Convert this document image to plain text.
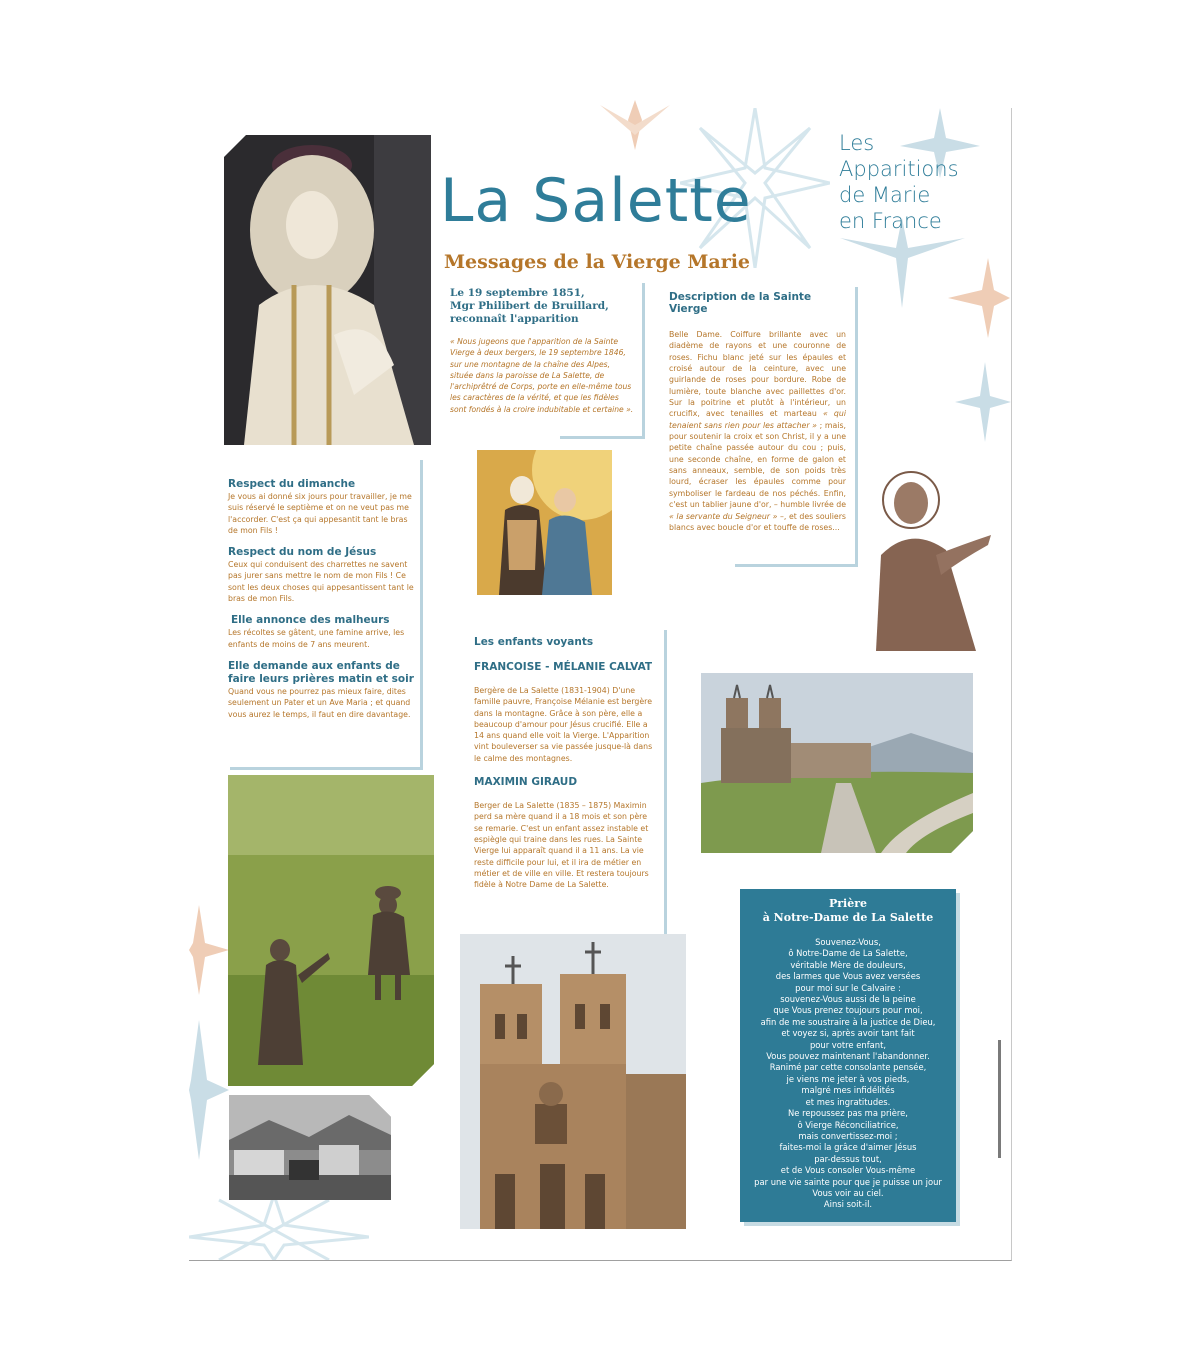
La Salette
Messages de la Vierge Marie
Les
Apparitions
de Marie
en France
Le 19 septembre 1851,
Mgr Philibert de Bruillard,
reconnaît l'apparition
« Nous jugeons que l'apparition de la Sainte Vierge à deux bergers, le 19 septembre 1846, sur une montagne de la chaîne des Alpes, située dans la paroisse de La Salette, de l'archiprêtré de Corps, porte en elle-même tous les caractères de la vérité, et que les fidèles sont fondés à la croire indubitable et certaine ».
Description de la Sainte Vierge
Belle Dame. Coiffure brillante avec un diadème de rayons et une couronne de roses. Fichu blanc jeté sur les épaules et croisé autour de la ceinture, avec une guirlande de roses pour bordure. Robe de lumière, toute blanche avec paillettes d'or. Sur la poitrine et plutôt à l'intérieur, un crucifix, avec tenailles et marteau « qui tenaient sans rien pour les attacher » ; mais, pour soutenir la croix et son Christ, il y a une petite chaîne passée autour du cou ; puis, une seconde chaîne, en forme de galon et sans anneaux, semble, de son poids très lourd, écraser les épaules comme pour symboliser le fardeau de nos péchés. Enfin, c'est un tablier jaune d'or, – humble livrée de « la servante du Seigneur » –, et des souliers blancs avec boucle d'or et touffe de roses...
Respect du dimanche
Je vous ai donné six jours pour travailler, je me suis réservé le septième et on ne veut pas me l'accorder. C'est ça qui appesantit tant le bras de mon Fils !
Respect du nom de Jésus
Ceux qui conduisent des charrettes ne savent pas jurer sans mettre le nom de mon Fils ! Ce sont les deux choses qui appesantissent tant le bras de mon Fils.
Elle annonce des malheurs
Les récoltes se gâtent, une famine arrive, les enfants de moins de 7 ans meurent.
Elle demande aux enfants de faire leurs prières matin et soir
Quand vous ne pourrez pas mieux faire, dites seulement un Pater et un Ave Maria ; et quand vous aurez le temps, il faut en dire davantage.
Les enfants voyants
FRANCOISE - MÉLANIE CALVAT
Bergère de La Salette (1831-1904) D'une famille pauvre, Françoise Mélanie est bergère dans la montagne. Grâce à son père, elle a beaucoup d'amour pour Jésus crucifié. Elle a 14 ans quand elle voit la Vierge. L'Apparition vint bouleverser sa vie passée jusque-là dans le calme des montagnes.
MAXIMIN GIRAUD
Berger de La Salette (1835 – 1875) Maximin perd sa mère quand il a 18 mois et son père se remarie. C'est un enfant assez instable et espiègle qui traine dans les rues. La Sainte Vierge lui apparaît quand il a 11 ans. La vie reste difficile pour lui, et il ira de métier en métier et de ville en ville. Et restera toujours fidèle à Notre Dame de La Salette.
Prière
à Notre-Dame de La Salette
Souvenez-Vous,
ô Notre-Dame de La Salette,
véritable Mère de douleurs,
des larmes que Vous avez versées
pour moi sur le Calvaire :
souvenez-Vous aussi de la peine
que Vous prenez toujours pour moi,
afin de me soustraire à la justice de Dieu,
et voyez si, après avoir tant fait
pour votre enfant,
Vous pouvez maintenant l'abandonner.
Ranimé par cette consolante pensée,
je viens me jeter à vos pieds,
malgré mes infidélités
et mes ingratitudes.
Ne repoussez pas ma prière,
ô Vierge Réconciliatrice,
mais convertissez-moi ;
faites-moi la grâce d'aimer Jésus
par-dessus tout,
et de Vous consoler Vous-même
par une vie sainte pour que je puisse un jour
Vous voir au ciel.
Ainsi soit-il.
